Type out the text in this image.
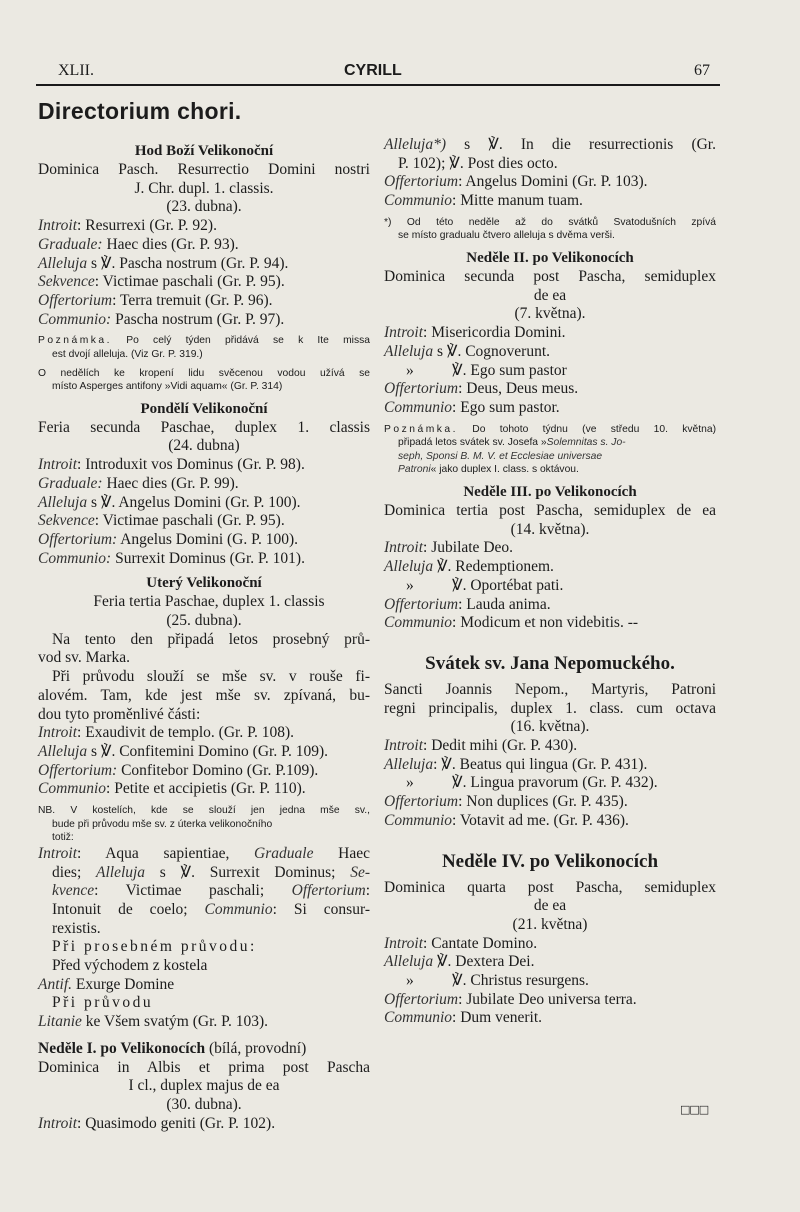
XLII.	CYRILL	67
Directorium chori.
Hod Boží Velikonoční
Dominica Pasch. Resurrectio Domini nostri
J. Chr. dupl. 1. classis.
(23. dubna).
Introit: Resurrexi (Gr. P. 92).
Graduale: Haec dies (Gr. P. 93).
Alleluja s ℣. Pascha nostrum (Gr. P. 94).
Sekvence: Victimae paschali (Gr. P. 95).
Offertorium: Terra tremuit (Gr. P. 96).
Communio: Pascha nostrum (Gr. P. 97).
Poznámka. Po celý týden přidává se k Ite missa
est dvojí alleluja. (Viz Gr. P. 319.)
O nedělích ke kropení lidu svěcenou vodou užívá se
místo Asperges antifony »Vidi aquam« (Gr. P. 314)
Pondělí Velikonoční
Feria secunda Paschae, duplex 1. classis
(24. dubna)
Introit: Introduxit vos Dominus (Gr. P. 98).
Graduale: Haec dies (Gr. P. 99).
Alleluja s ℣. Angelus Domini (Gr. P. 100).
Sekvence: Victimae paschali (Gr. P. 95).
Offertorium: Angelus Domini (G. P. 100).
Communio: Surrexit Dominus (Gr. P. 101).
Uterý Velikonoční
Feria tertia Paschae, duplex 1. classis
(25. dubna).
Na tento den připadá letos prosebný prů-
vod sv. Marka.
Při průvodu slouží se mše sv. v rouše fi-
alovém. Tam, kde jest mše sv. zpívaná, bu-
dou tyto proměnlivé části:
Introit: Exaudivit de templo. (Gr. P. 108).
Alleluja s ℣. Confitemini Domino (Gr. P. 109).
Offertorium: Confitebor Domino (Gr. P.109).
Communio: Petite et accipietis (Gr. P. 110).
NB. V kostelích, kde se slouží jen jedna mše sv.,
bude při průvodu mše sv. z úterka velikonočního
totiž:
Introit: Aqua sapientiae, Graduale Haec
dies; Alleluja s ℣. Surrexit Dominus; Se-
kvence: Victimae paschali; Offertorium:
Intonuit de coelo; Communio: Si consur-
rexistis.
Při prosebném průvodu:
Před východem z kostela
Antif. Exurge Domine
Při průvodu
Litanie ke Všem svatým (Gr. P. 103).
Neděle I. po Velikonocích (bílá, provodní)
Dominica in Albis et prima post Pascha
I cl., duplex majus de ea
(30. dubna).
Introit: Quasimodo geniti (Gr. P. 102).
Alleluja*) s ℣. In die resurrectionis (Gr.
P. 102); ℣. Post dies octo.
Offertorium: Angelus Domini (Gr. P. 103).
Communio: Mitte manum tuam.
*) Od této neděle až do svátků Svatodušních zpívá
se místo gradualu čtvero alleluja s dvěma verši.
Neděle II. po Velikonocích
Dominica secunda post Pascha, semiduplex
de ea
(7. května).
Introit: Misericordia Domini.
Alleluja s ℣. Cognoverunt.
» ℣. Ego sum pastor
Offertorium: Deus, Deus meus.
Communio: Ego sum pastor.
Poznámka. Do tohoto týdnu (ve středu 10. května)
připadá letos svátek sv. Josefa »Solemnitas s. Jo-
seph, Sponsi B. M. V. et Ecclesiae universae
Patroni« jako duplex I. class. s oktávou.
Neděle III. po Velikonocích
Dominica tertia post Pascha, semiduplex de ea
(14. května).
Introit: Jubilate Deo.
Alleluja ℣. Redemptionem.
» ℣. Oportébat pati.
Offertorium: Lauda anima.
Communio: Modicum et non videbitis. --
Svátek sv. Jana Nepomuckého.
Sancti Joannis Nepom., Martyris, Patroni
regni principalis, duplex 1. class. cum octava
(16. května).
Introit: Dedit mihi (Gr. P. 430).
Alleluja: ℣. Beatus qui lingua (Gr. P. 431).
» ℣. Lingua pravorum (Gr. P. 432).
Offertorium: Non duplices (Gr. P. 435).
Communio: Votavit ad me. (Gr. P. 436).
Neděle IV. po Velikonocích
Dominica quarta post Pascha, semiduplex
de ea
(21. května)
Introit: Cantate Domino.
Alleluja ℣. Dextera Dei.
» ℣. Christus resurgens.
Offertorium: Jubilate Deo universa terra.
Communio: Dum venerit.
□□□
